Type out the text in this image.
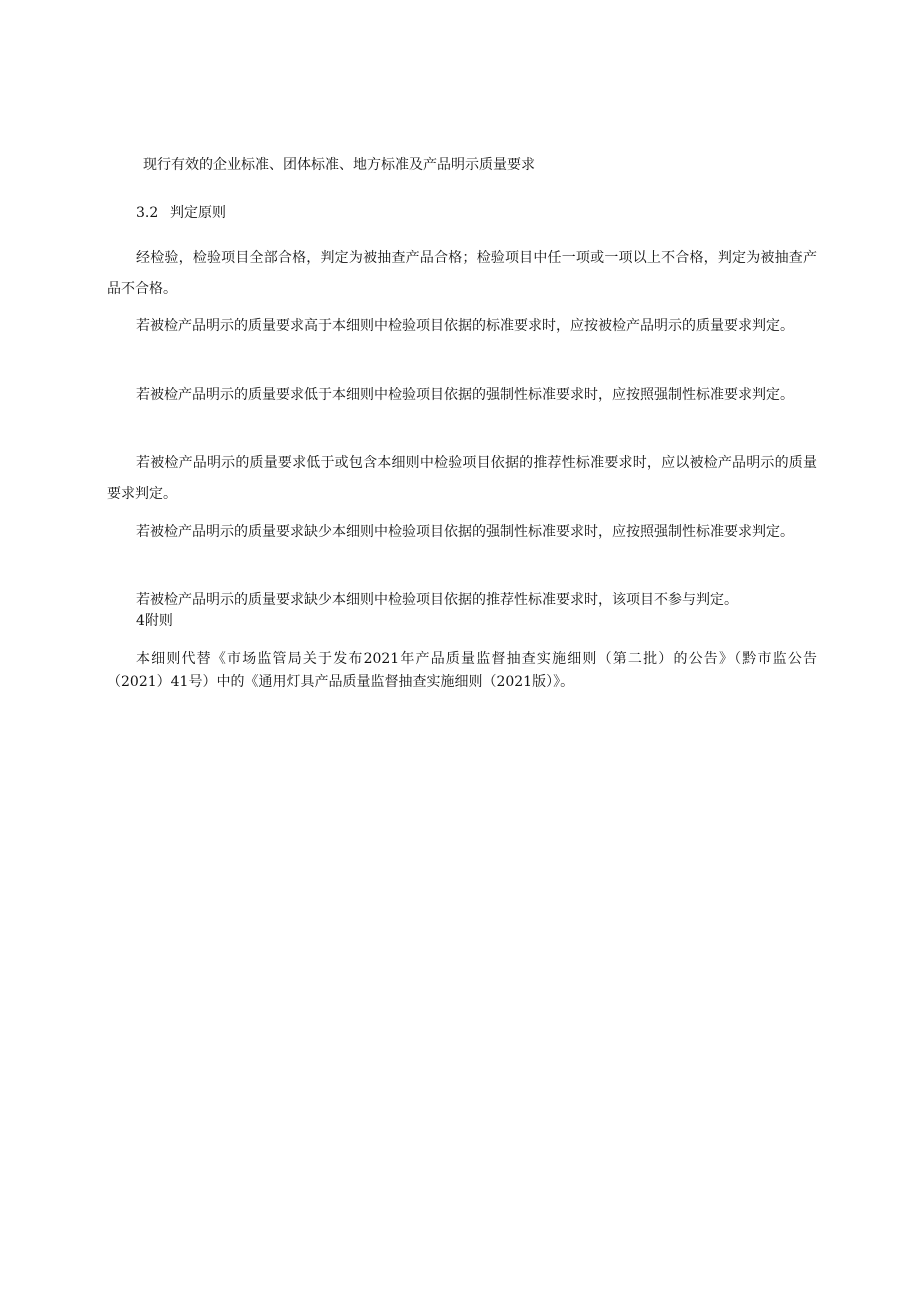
现行有效的企业标准、团体标准、地方标准及产品明示质量要求
3.2 判定原则

经检验，检验项目全部合格，判定为被抽查产品合格；检验项目中任一项或一项以上不合格，判定为被抽查产品不合格。

若被检产品明示的质量要求高于本细则中检验项目依据的标准要求时，应按被检产品明示的质量要求判定。

若被检产品明示的质量要求低于本细则中检验项目依据的强制性标准要求时，应按照强制性标准要求判定。

若被检产品明示的质量要求低于或包含本细则中检验项目依据的推荐性标准要求时，应以被检产品明示的质量要求判定。

若被检产品明示的质量要求缺少本细则中检验项目依据的强制性标准要求时，应按照强制性标准要求判定。

若被检产品明示的质量要求缺少本细则中检验项目依据的推荐性标准要求时，该项目不参与判定。

4附则

本细则代替《市场监管局关于发布2021年产品质量监督抽查实施细则（第二批）的公告》（黔市监公告（2021）41号）中的《通用灯具产品质量监督抽查实施细则（2021版）》。
